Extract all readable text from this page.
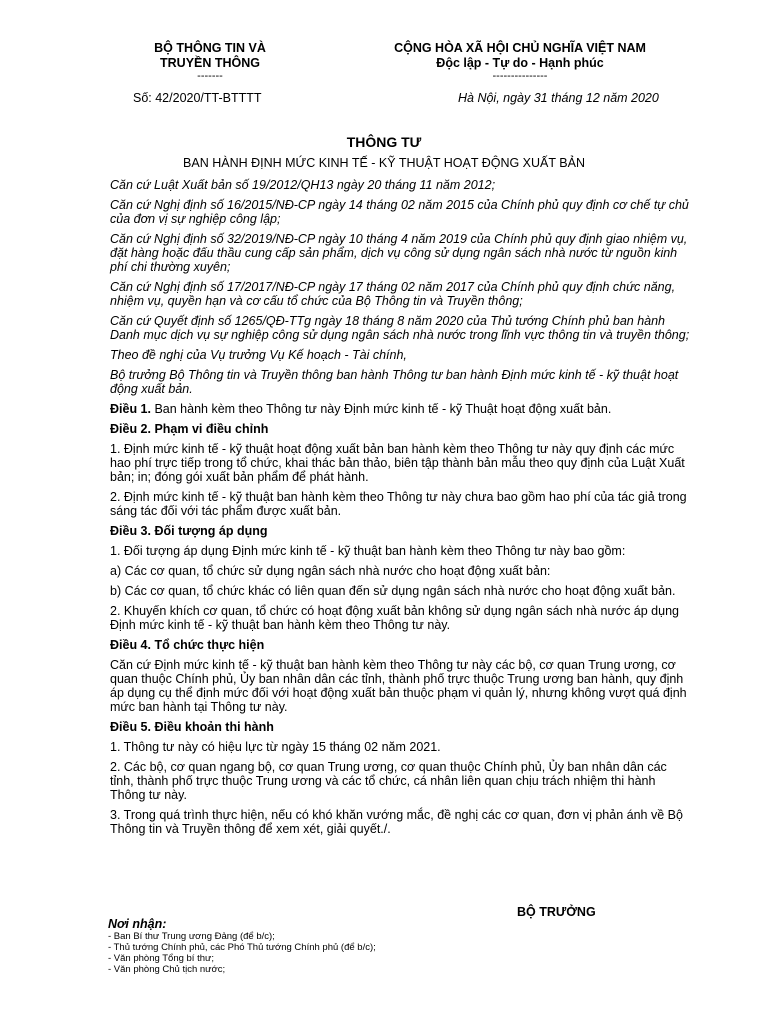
BỘ THÔNG TIN VÀ
TRUYỀN THÔNG
-------
CỘNG HÒA XÃ HỘI CHỦ NGHĨA VIỆT NAM
Độc lập - Tự do - Hạnh phúc
---------------
Số: 42/2020/TT-BTTTT	Hà Nội, ngày 31 tháng 12 năm 2020
THÔNG TƯ
BAN HÀNH ĐỊNH MỨC KINH TẾ - KỸ THUẬT HOẠT ĐỘNG XUẤT BẢN

Căn cứ Luật Xuất bản số 19/2012/QH13 ngày 20 tháng 11 năm 2012;

Căn cứ Nghị định số 16/2015/NĐ-CP ngày 14 tháng 02 năm 2015 của Chính phủ quy định cơ chế tự chủ của đơn vị sự nghiệp công lập;

Căn cứ Nghị định số 32/2019/NĐ-CP ngày 10 tháng 4 năm 2019 của Chính phủ quy định giao nhiệm vụ, đặt hàng hoặc đấu thầu cung cấp sản phẩm, dịch vụ công sử dụng ngân sách nhà nước từ nguồn kinh phí chi thường xuyên;

Căn cứ Nghị định số 17/2017/NĐ-CP ngày 17 tháng 02 năm 2017 của Chính phủ quy định chức năng, nhiệm vụ, quyền hạn và cơ cấu tổ chức của Bộ Thông tin và Truyền thông;

Căn cứ Quyết định số 1265/QĐ-TTg ngày 18 tháng 8 năm 2020 của Thủ tướng Chính phủ ban hành Danh mục dịch vụ sự nghiệp công sử dụng ngân sách nhà nước trong lĩnh vực thông tin và truyền thông;

Theo đề nghị của Vụ trưởng Vụ Kế hoạch - Tài chính,

Bộ trưởng Bộ Thông tin và Truyền thông ban hành Thông tư ban hành Định mức kinh tế - kỹ thuật hoạt động xuất bản.

Điều 1. Ban hành kèm theo Thông tư này Định mức kinh tế - kỹ Thuật hoạt động xuất bản.

Điều 2. Phạm vi điều chỉnh

1. Định mức kinh tế - kỹ thuật hoạt động xuất bản ban hành kèm theo Thông tư này quy định các mức hao phí trực tiếp trong tổ chức, khai thác bản thảo, biên tập thành bản mẫu theo quy định của Luật Xuất bản; in; đóng gói xuất bản phẩm để phát hành.

2. Định mức kinh tế - kỹ thuật ban hành kèm theo Thông tư này chưa bao gồm hao phí của tác giả trong sáng tác đối với tác phẩm được xuất bản.

Điều 3. Đối tượng áp dụng

1. Đối tượng áp dụng Định mức kinh tế - kỹ thuật ban hành kèm theo Thông tư này bao gồm:

a) Các cơ quan, tổ chức sử dụng ngân sách nhà nước cho hoạt động xuất bản:

b) Các cơ quan, tổ chức khác có liên quan đến sử dụng ngân sách nhà nước cho hoạt động xuất bản.

2. Khuyến khích cơ quan, tổ chức có hoạt động xuất bản không sử dụng ngân sách nhà nước áp dụng Định mức kinh tế - kỹ thuật ban hành kèm theo Thông tư này.

Điều 4. Tổ chức thực hiện

Căn cứ Định mức kinh tế - kỹ thuật ban hành kèm theo Thông tư này các bộ, cơ quan Trung ương, cơ quan thuộc Chính phủ, Ủy ban nhân dân các tỉnh, thành phố trực thuộc Trung ương ban hành, quy định áp dụng cụ thể định mức đối với hoạt động xuất bản thuộc phạm vi quản lý, nhưng không vượt quá định mức ban hành tại Thông tư này.

Điều 5. Điều khoản thi hành

1. Thông tư này có hiệu lực từ ngày 15 tháng 02 năm 2021.

2. Các bộ, cơ quan ngang bộ, cơ quan Trung ương, cơ quan thuộc Chính phủ, Ủy ban nhân dân các tỉnh, thành phố trực thuộc Trung ương và các tổ chức, cá nhân liên quan chịu trách nhiệm thi hành Thông tư này.

3. Trong quá trình thực hiện, nếu có khó khăn vướng mắc, đề nghị các cơ quan, đơn vị phản ánh về Bộ Thông tin và Truyền thông để xem xét, giải quyết./.

BỘ TRƯỞNG
Nơi nhận:
- Ban Bí thư Trung ương Đảng (để b/c);
- Thủ tướng Chính phủ, các Phó Thủ tướng Chính phủ (để b/c);
- Văn phòng Tổng bí thư;
- Văn phòng Chủ tịch nước;
